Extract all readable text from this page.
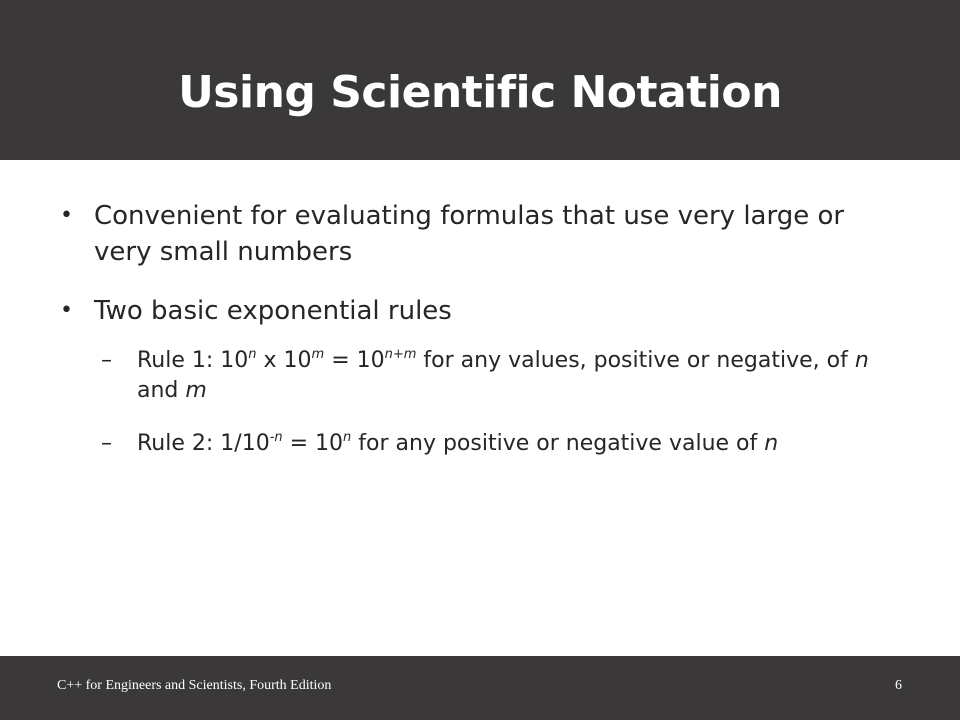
Using Scientific Notation
• Convenient for evaluating formulas that use very large or very small numbers
• Two basic exponential rules
– Rule 1: 10$^n$ x $10^m = 10^{n+m}$ for any values, positive or negative, of n and m
– Rule 2: $1/10^{-n} = 10^n$ for any positive or negative value of n
C++ for Engineers and Scientists, Fourth Edition	6
